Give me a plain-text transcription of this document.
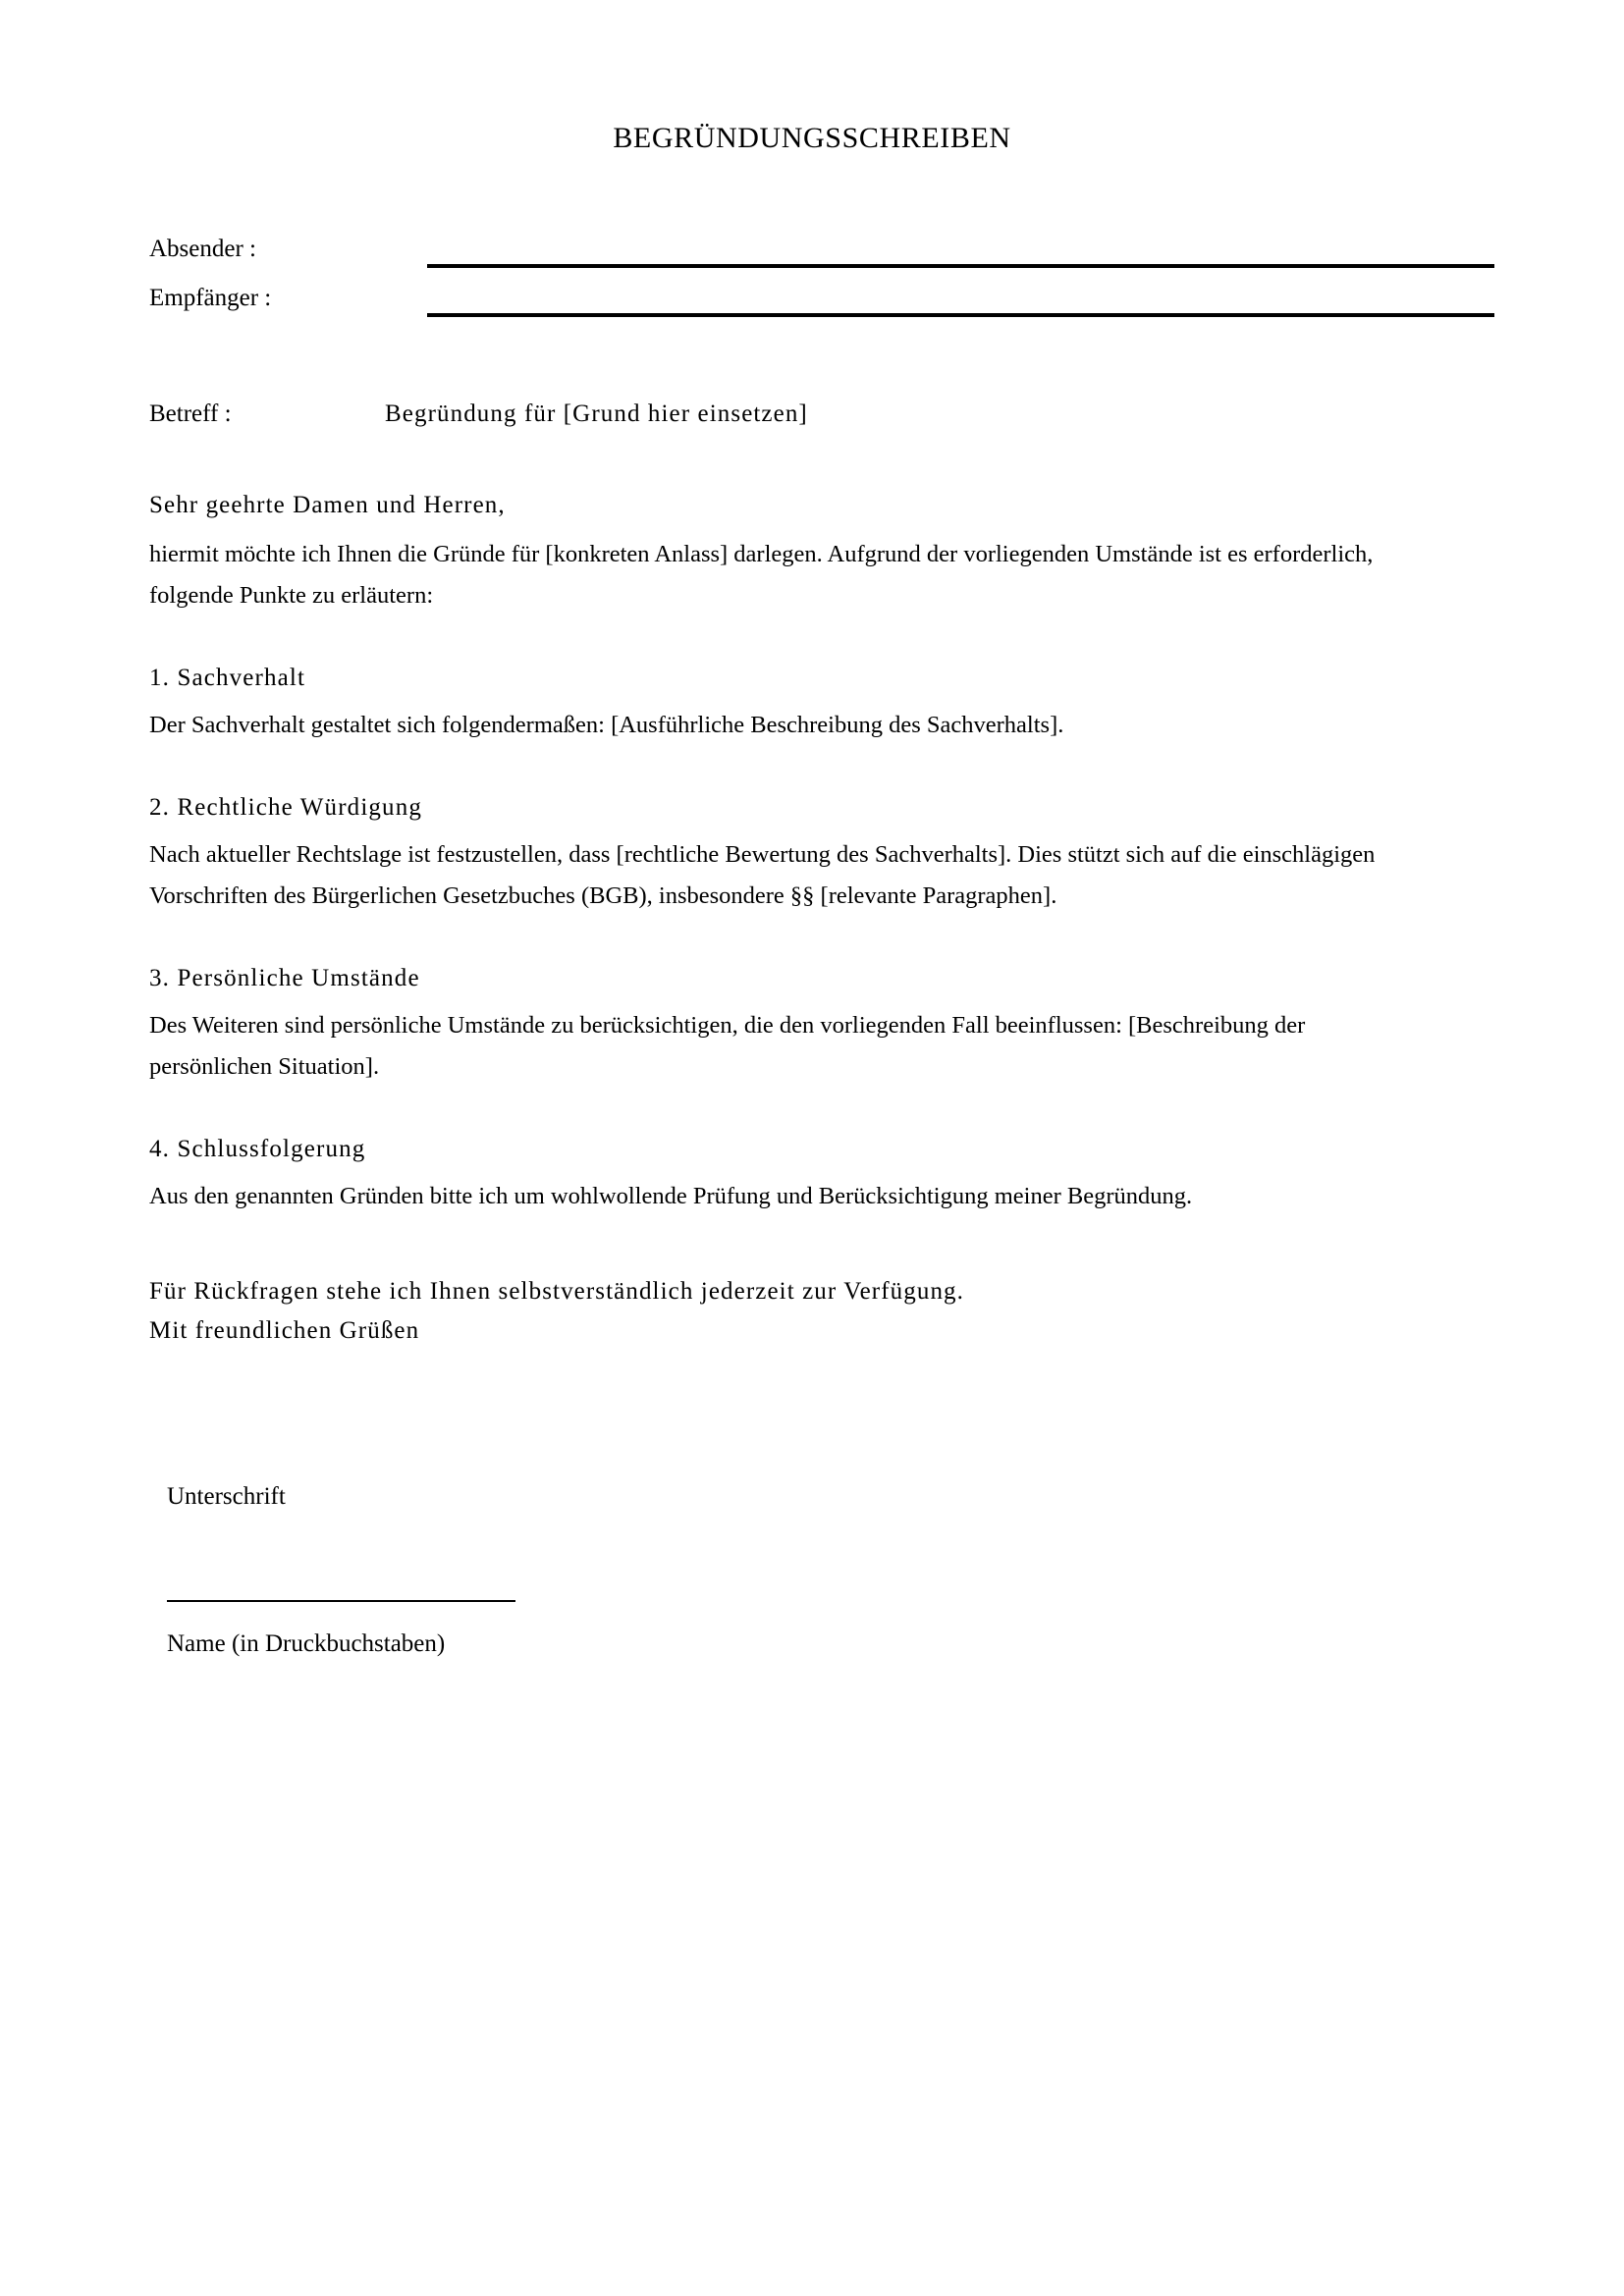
BEGRÜNDUNGSSCHREIBEN
Absender :
Empfänger :
Betreff :	Begründung für [Grund hier einsetzen]

Sehr geehrte Damen und Herren,

hiermit möchte ich Ihnen die Gründe für [konkreten Anlass] darlegen. Aufgrund der vorliegenden Umstände ist es erforderlich, folgende Punkte zu erläutern:

1. Sachverhalt

Der Sachverhalt gestaltet sich folgendermaßen: [Ausführliche Beschreibung des Sachverhalts].

2. Rechtliche Würdigung

Nach aktueller Rechtslage ist festzustellen, dass [rechtliche Bewertung des Sachverhalts]. Dies stützt sich auf die einschlägigen Vorschriften des Bürgerlichen Gesetzbuches (BGB), insbesondere §§ [relevante Paragraphen].

3. Persönliche Umstände

Des Weiteren sind persönliche Umstände zu berücksichtigen, die den vorliegenden Fall beeinflussen: [Beschreibung der persönlichen Situation].

4. Schlussfolgerung

Aus den genannten Gründen bitte ich um wohlwollende Prüfung und Berücksichtigung meiner Begründung.

Für Rückfragen stehe ich Ihnen selbstverständlich jederzeit zur Verfügung.

Mit freundlichen Grüßen

Unterschrift

Name (in Druckbuchstaben)
